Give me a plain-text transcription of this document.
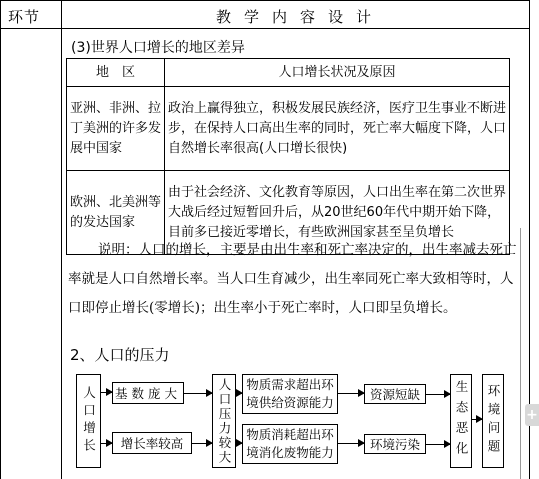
环节	教学内容设计
(3)世界人口增长的地区差异
地　区	人口增长状况及原因
亚洲、非洲、拉丁美洲的许多发展中国家	政治上赢得独立，积极发展民族经济，医疗卫生事业不断进步，在保持人口高出生率的同时，死亡率大幅度下降，人口自然增长率很高(人口增长很快)
欧洲、北美洲等的发达国家	由于社会经济、文化教育等原因，人口出生率在第二次世界大战后经过短暂回升后，从20世纪60年代中期开始下降，目前多已接近零增长，有些欧洲国家甚至呈负增长
说明：人口的增长，主要是由出生率和死亡率决定的，出生率减去死亡率就是人口自然增长率。当人口生育减少，出生率同死亡率大致相等时，人口即停止增长(零增长)；出生率小于死亡率时，人口即呈负增长。
2、人口的压力
人口增长	基数庞大
增长率较高	人口压力较大	物质需求超出环境供给资源能力
物质消耗超出环境消化废物能力
资源短缺
环境污染	生态恶化	环境问题 +
